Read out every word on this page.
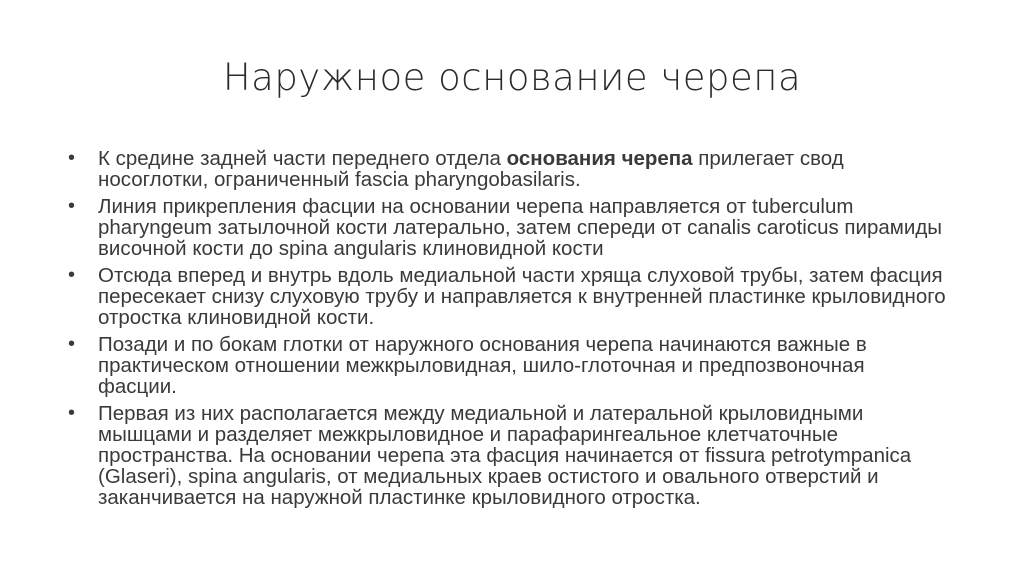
Наружное основание черепа
• К средине задней части переднего отдела основания черепа прилегает свод носоглотки, ограниченный fascia pharyngobasilaris.
• Линия прикрепления фасции на основании черепа направляется от tuberculum pharyngeum затылочной кости латерально, затем спереди от canalis caroticus пирамиды височной кости до spina angularis клиновидной кости
• Отсюда вперед и внутрь вдоль медиальной части хряща слуховой трубы, затем фасция пересекает снизу слуховую трубу и направляется к внутренней пластинке крыловидного отростка клиновидной кости.
• Позади и по бокам глотки от наружного основания черепа начинаются важные в практическом отношении межкрыловидная, шило-глоточная и предпозвоночная фасции.
• Первая из них располагается между медиальной и латеральной крыловидными мышцами и разделяет межкрыловидное и парафарингеальное клетчаточные пространства. На основании черепа эта фасция начинается от fissura petrotympanica (Glaseri), spina angularis, от медиальных краев остистого и овального отверстий и заканчивается на наружной пластинке крыловидного отростка.
